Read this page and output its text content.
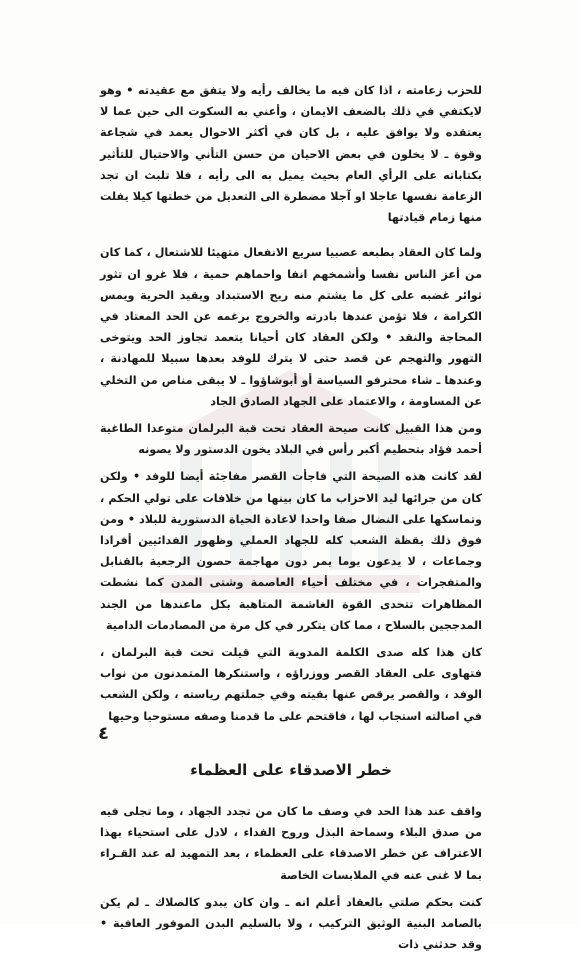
للحزب زعامته ، اذا كان فيه ما يخالف رأيه ولا يتفق مع عقيدته • وهو لايكتفي في ذلك بالضعف الايمان ، وأعني به السكوت الى حين عما لا يعتقده ولا يوافق عليه ، بل كان في أكثر الاحوال يعمد في شجاعة وقوة ـ لا يخلون في بعض الاحيان من حسن التأني والاحتيال للتأثير بكتاباته على الرأي العام بحيث يميل به الى رأيه ، فلا تلبث ان تجد الزعامة نفسها عاجلا او آجلا مضطرة الى التعديل من خطتها كيلا يفلت منها زمام قيادتها

ولما كان العقاد بطبعه عصبيا سريع الانفعال متهيئا للاشتعال ، كما كان من أعز الناس نفسا وأشمخهم انفا واحماهم حمية ، فلا غرو ان تثور ثوائر غضبه على كل ما يشتم منه ريح الاستبداد ويقيد الحرية ويمس الكرامة ، فلا تؤمن عندها بادرته والخروج برغمه عن الحد المعتاد في المحاجة والنقد • ولكن العقاد كان أحيانا يتعمد تجاوز الحد ويتوخى التهور والتهجم عن قصد حتى لا يترك للوفد بعدها سبيلا للمهادنة ، وعندها ـ شاء محترفو السياسة أو أبوشاؤوا ـ لا يبقى مناص من التخلي عن المساومة ، والاعتماد على الجهاد الصادق الجاد

ومن هذا القبيل كانت صيحة العقاد تحت قبة البرلمان متوعدا الطاغية أحمد فؤاد بتحطيم أكبر رأس في البلاد يخون الدستور ولا يصونه

لقد كانت هذه الصيحة التي فاجأت القصر مفاجئة أيضا للوفد • ولكن كان من جرائها ليد الاحزاب ما كان بينها من خلافات على تولي الحكم ، وتماسكها على النضال صفا واحدا لاعادة الحياة الدستورية للبلاد • ومن فوق ذلك يقظة الشعب كله للجهاد العملي وظهور الفدائيين أفرادا وجماعات ، لا يدعون يوما يمر دون مهاجمة حصون الرجعية بالقنابل والمتفجرات ، في مختلف أحياء العاصمة وشتى المدن كما نشطت المظاهرات تتحدى القوة الغاشمة المتاهبة بكل ماعندها من الجند المدججين بالسلاح ، مما كان يتكرر في كل مرة من المصادمات الدامية

كان هذا كله صدى الكلمة المدوية التي قيلت تحت قبة البرلمان ، فتهاوى على العقاد القصر ووزراؤه ، واستنكرها المتمدنون من نواب الوفد ، والقصر يرقص عنها بقيته وفي جملتهم رياسته ، ولكن الشعب في اصالته استجاب لها ، فاقتحم على ما قدمنا وصفه مستوحيا وحيها

خطر الاصدقاء على العظماء

واقف عند هذا الحد في وصف ما كان من تجدد الجهاد ، وما تجلى فيه من صدق البلاء وسماحة البذل وروح الفداء ، لادل على استحياء بهذا الاعتراف عن خطر الاصدقاء على العظماء ، بعد التمهيد له عند القـراء بما لا غنى عنه في الملابسات الخاصة

كنت بحكم صلتي بالعقاد أعلم انه ـ وان كان يبدو كالصلاك ـ لم يكن بالصامد البنية الوثيق التركيب ، ولا بالسليم البدن الموفور العافية • وقد حدثني ذات

٤
